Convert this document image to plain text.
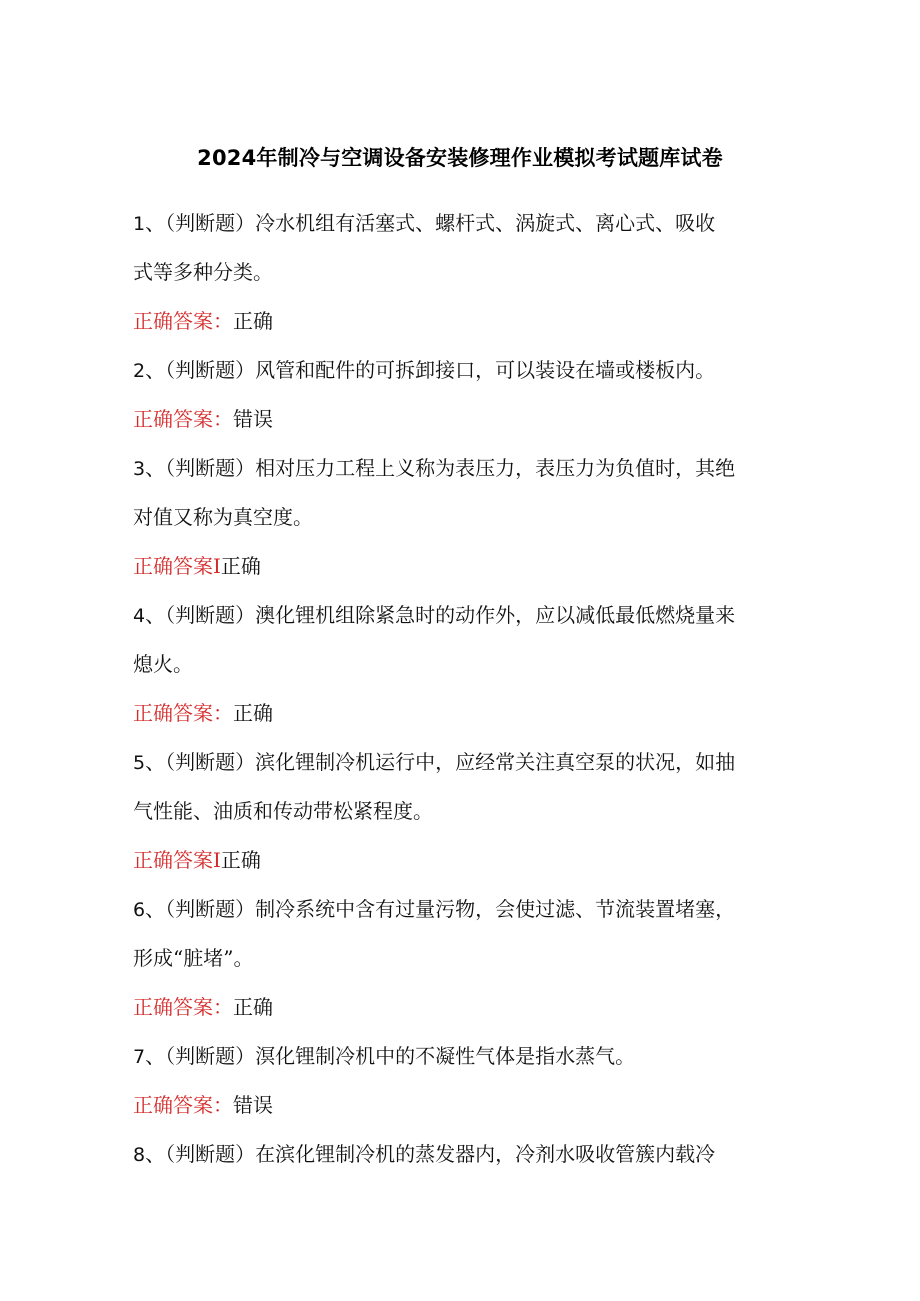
2024年制冷与空调设备安装修理作业模拟考试题库试卷
1、（判断题）冷水机组有活塞式、螺杆式、涡旋式、离心式、吸收
式等多种分类。
正确答案：正确
2、（判断题）风管和配件的可拆卸接口，可以装设在墙或楼板内。
正确答案：错误
3、（判断题）相对压力工程上义称为表压力，表压力为负值时，其绝
对值又称为真空度。
正确答案I正确
4、（判断题）澳化锂机组除紧急时的动作外，应以减低最低燃烧量来
熄火。
正确答案：正确
5、（判断题）滨化锂制冷机运行中，应经常关注真空泵的状况，如抽
气性能、油质和传动带松紧程度。
正确答案I正确
6、（判断题）制冷系统中含有过量污物，会使过滤、节流装置堵塞，
形成“脏堵”。
正确答案：正确
7、（判断题）溟化锂制冷机中的不凝性气体是指水蒸气。
正确答案：错误
8、（判断题）在滨化锂制冷机的蒸发器内，冷剂水吸收管簇内载冷
